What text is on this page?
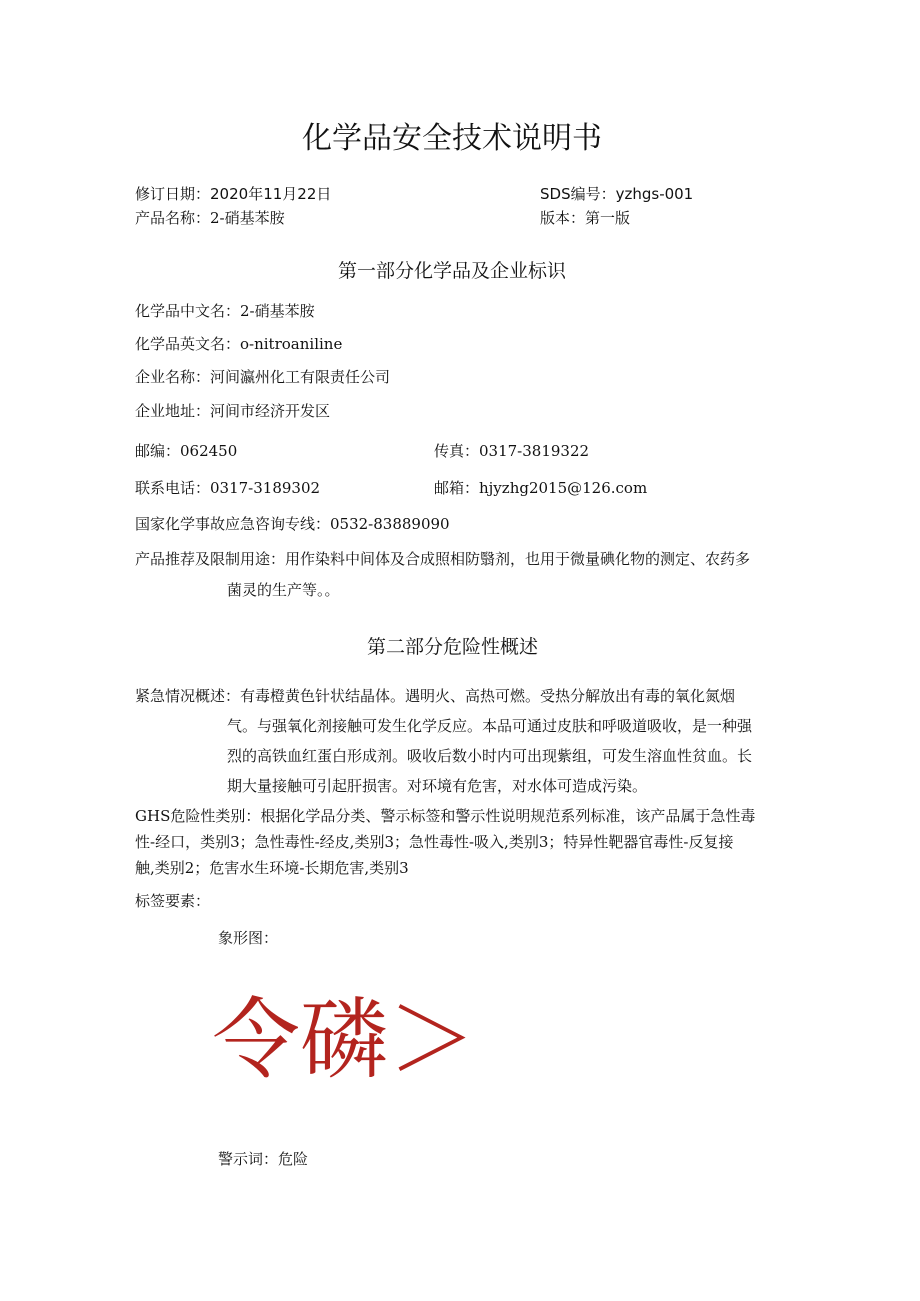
化学品安全技术说明书
修订日期：2020年11月22日	SDS编号：yzhgs-001
产品名称：2-硝基苯胺	版本：第一版
第一部分化学品及企业标识
化学品中文名：2-硝基苯胺
化学品英文名：o-nitroaniline
企业名称：河间瀛州化工有限责任公司
企业地址：河间市经济开发区
邮编：062450	传真：0317-3819322
联系电话：0317-3189302	邮箱：hjyzhg2015@126.com
国家化学事故应急咨询专线：0532-83889090
产品推荐及限制用途：用作染料中间体及合成照相防翳剂，也用于微量碘化物的测定、农药多
菌灵的生产等。。
第二部分危险性概述
紧急情况概述：有毒橙黄色针状结晶体。遇明火、高热可燃。受热分解放出有毒的氧化氮烟
气。与强氧化剂接触可发生化学反应。本品可通过皮肤和呼吸道吸收，是一种强
烈的高铁血红蛋白形成剂。吸收后数小时内可出现紫组，可发生溶血性贫血。长
期大量接触可引起肝损害。对环境有危害，对水体可造成污染。
GHS危险性类别：根据化学品分类、警示标签和警示性说明规范系列标准，该产品属于急性毒
性-经口，类别3；急性毒性-经皮,类别3；急性毒性-吸入,类别3；特异性靶器官毒性-反复接
触,类别2；危害水生环境-长期危害,类别3
标签要素：
象形图：
令磷＞
警示词：危险
